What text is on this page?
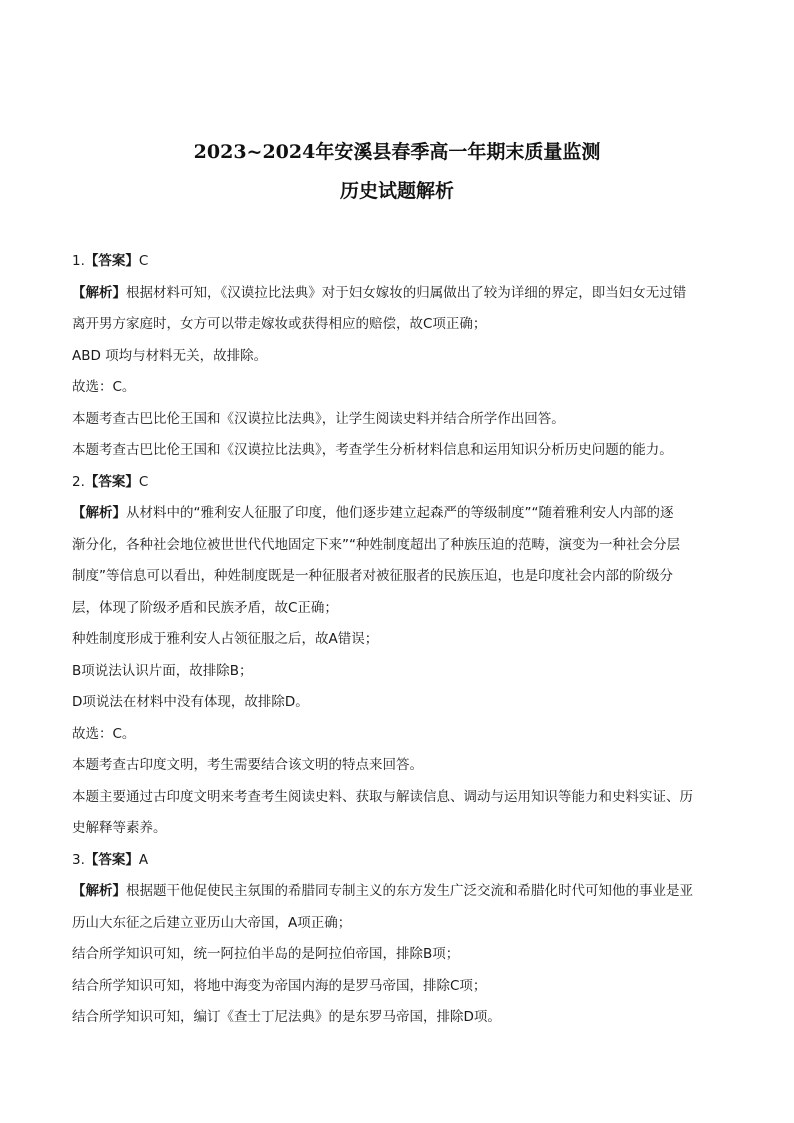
2023~2024年安溪县春季高一年期末质量监测
历史试题解析
1.【答案】C
【解析】根据材料可知，《汉谟拉比法典》对于妇女嫁妆的归属做出了较为详细的界定，即当妇女无过错
离开男方家庭时，女方可以带走嫁妆或获得相应的赔偿，故C项正确；
ABD 项均与材料无关，故排除。
故选：C。
本题考查古巴比伦王国和《汉谟拉比法典》，让学生阅读史料并结合所学作出回答。
本题考查古巴比伦王国和《汉谟拉比法典》，考查学生分析材料信息和运用知识分析历史问题的能力。
2.【答案】C
【解析】从材料中的“雅利安人征服了印度，他们逐步建立起森严的等级制度”“随着雅利安人内部的逐
渐分化，各种社会地位被世世代代地固定下来”“种姓制度超出了种族压迫的范畴，演变为一种社会分层
制度”等信息可以看出，种姓制度既是一种征服者对被征服者的民族压迫，也是印度社会内部的阶级分
层，体现了阶级矛盾和民族矛盾，故C正确；
种姓制度形成于雅利安人占领征服之后，故A错误；
B项说法认识片面，故排除B；
D项说法在材料中没有体现，故排除D。
故选：C。
本题考查古印度文明，考生需要结合该文明的特点来回答。
本题主要通过古印度文明来考查考生阅读史料、获取与解读信息、调动与运用知识等能力和史料实证、历
史解释等素养。
3.【答案】A
【解析】根据题干他促使民主氛围的希腊同专制主义的东方发生广泛交流和希腊化时代可知他的事业是亚
历山大东征之后建立亚历山大帝国，A项正确；
结合所学知识可知，统一阿拉伯半岛的是阿拉伯帝国，排除B项；
结合所学知识可知，将地中海变为帝国内海的是罗马帝国，排除C项；
结合所学知识可知，编订《查士丁尼法典》的是东罗马帝国，排除D项。
